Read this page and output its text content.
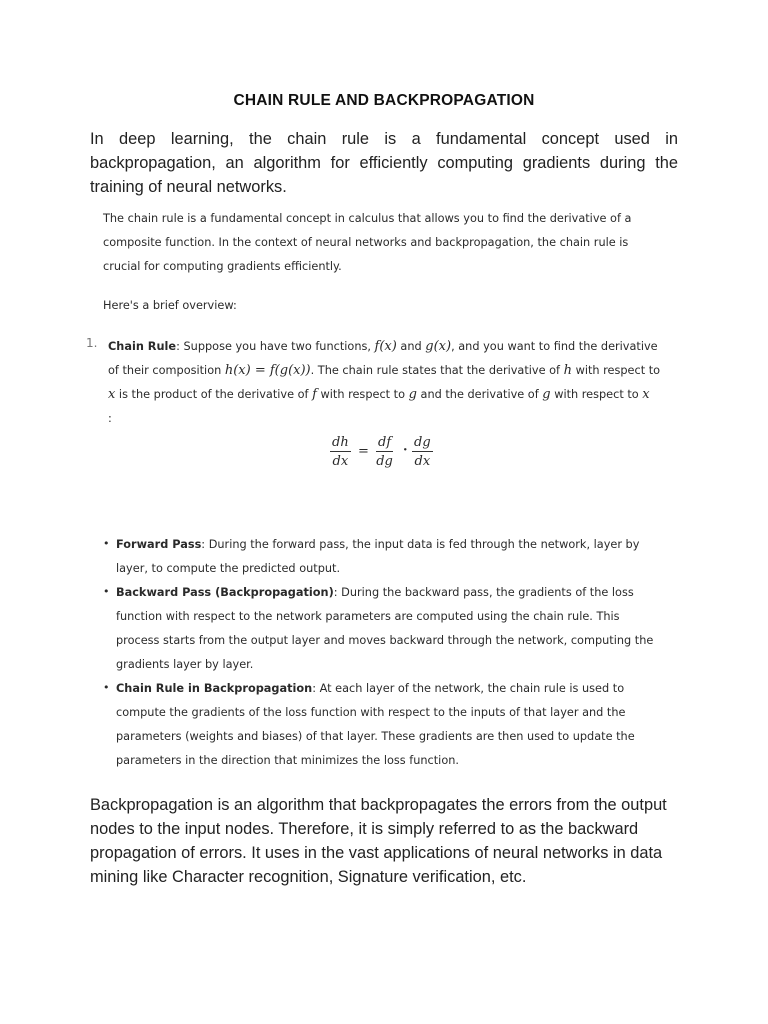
CHAIN RULE AND BACKPROPAGATION
In deep learning, the chain rule is a fundamental concept used in backpropagation, an algorithm for efficiently computing gradients during the training of neural networks.

The chain rule is a fundamental concept in calculus that allows you to find the derivative of a composite function. In the context of neural networks and backpropagation, the chain rule is crucial for computing gradients efficiently.

Here's a brief overview:

1. Chain Rule: Suppose you have two functions, f(x) and g(x), and you want to find the derivative of their composition h(x) = f(g(x)). The chain rule states that the derivative of h with respect to x is the product of the derivative of f with respect to g and the derivative of g with respect to x
:

$\frac{dh}{dx} = \frac{df}{dg} \cdot \frac{dg}{dx}$

• Forward Pass: During the forward pass, the input data is fed through the network, layer by layer, to compute the predicted output.

• Backward Pass (Backpropagation): During the backward pass, the gradients of the loss function with respect to the network parameters are computed using the chain rule. This process starts from the output layer and moves backward through the network, computing the gradients layer by layer.

• Chain Rule in Backpropagation: At each layer of the network, the chain rule is used to compute the gradients of the loss function with respect to the inputs of that layer and the parameters (weights and biases) of that layer. These gradients are then used to update the parameters in the direction that minimizes the loss function.

Backpropagation is an algorithm that backpropagates the errors from the output nodes to the input nodes. Therefore, it is simply referred to as the backward propagation of errors. It uses in the vast applications of neural networks in data mining like Character recognition, Signature verification, etc.
